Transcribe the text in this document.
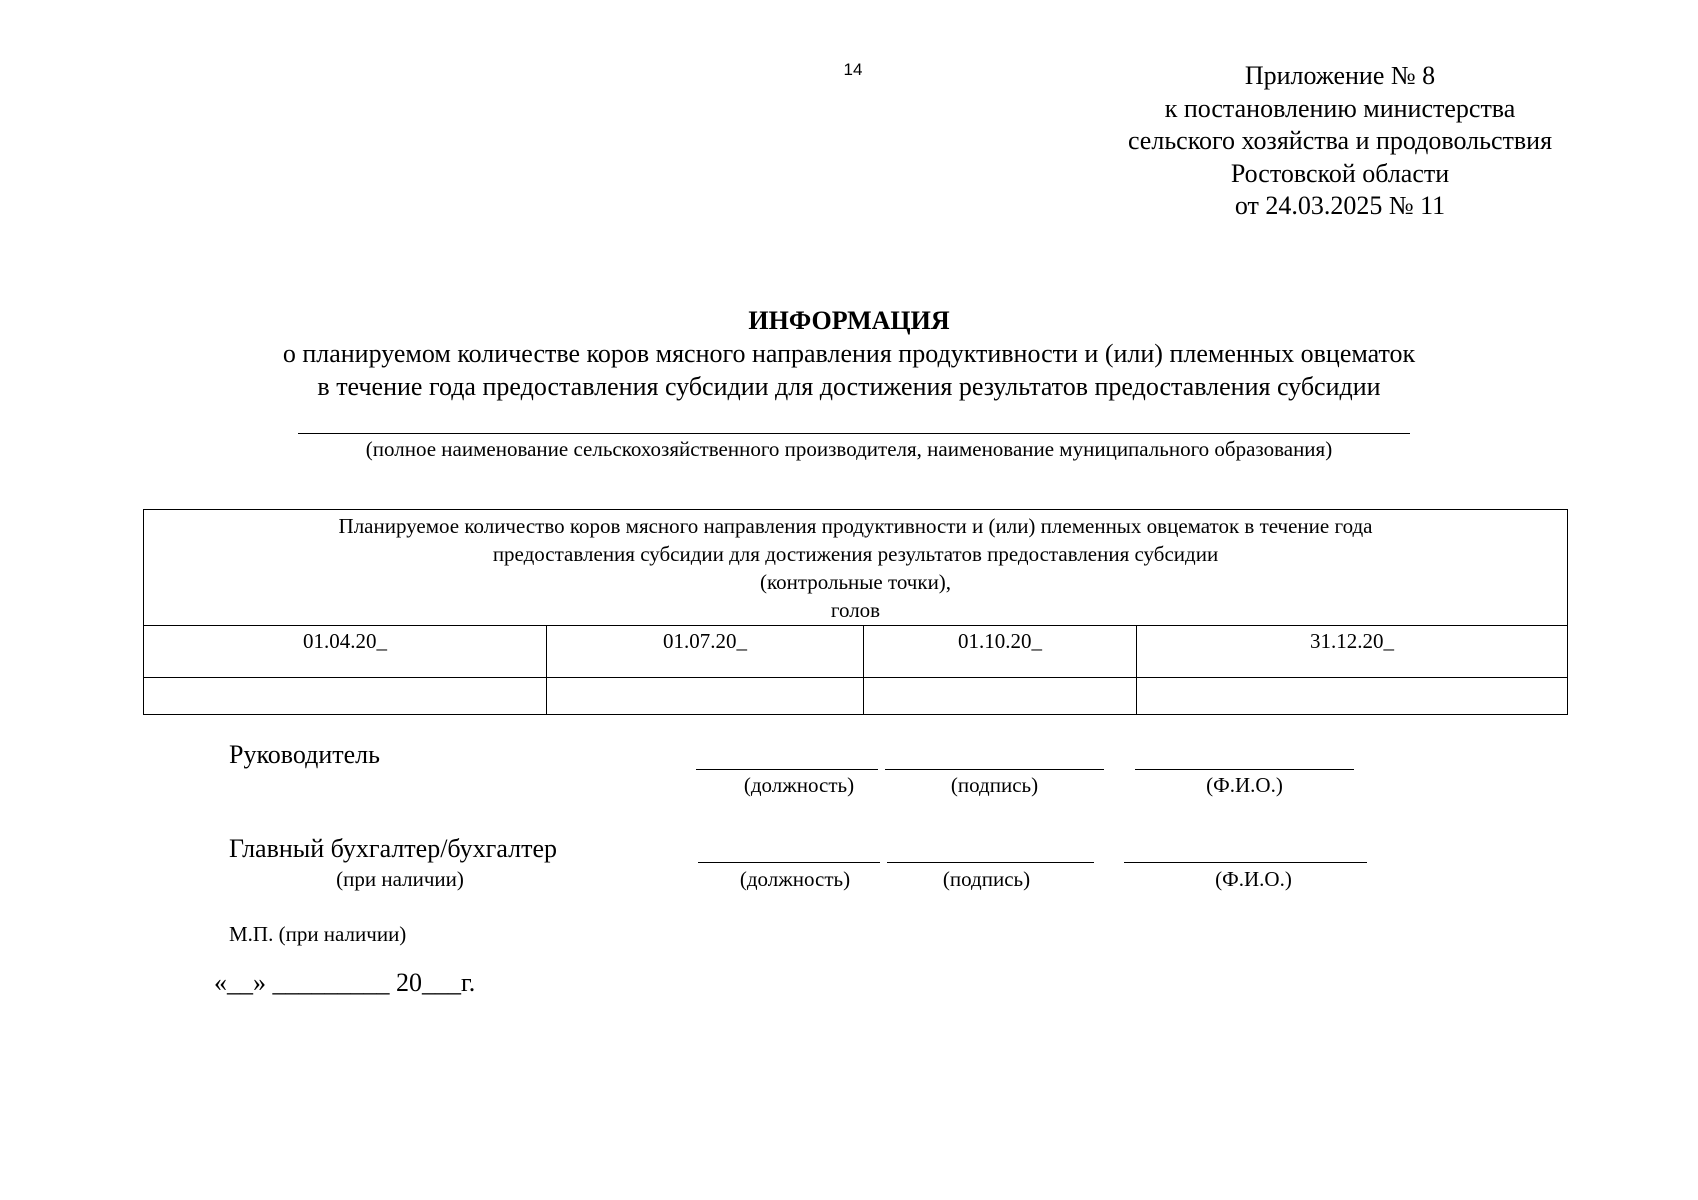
14	Приложение № 8
к постановлению министерства
сельского хозяйства и продовольствия
Ростовской области
от 24.03.2025 № 11
ИНФОРМАЦИЯ
о планируемом количестве коров мясного направления продуктивности и (или) племенных овцематок
в течение года предоставления субсидии для достижения результатов предоставления субсидии
(полное наименование сельскохозяйственного производителя, наименование муниципального образования)
Планируемое количество коров мясного направления продуктивности и (или) племенных овцематок в течение года
предоставления субсидии для достижения результатов предоставления субсидии
(контрольные точки),
голов			

01.04.20_	01.07.20_	01.10.20_	31.12.20_

Руководитель
(должность)	(подпись)	(Ф.И.О.)
Главный бухгалтер/бухгалтер
(при наличии)	(должность)	(подпись)	(Ф.И.О.)
М.П. (при наличии)
«__» _________ 20___г.
